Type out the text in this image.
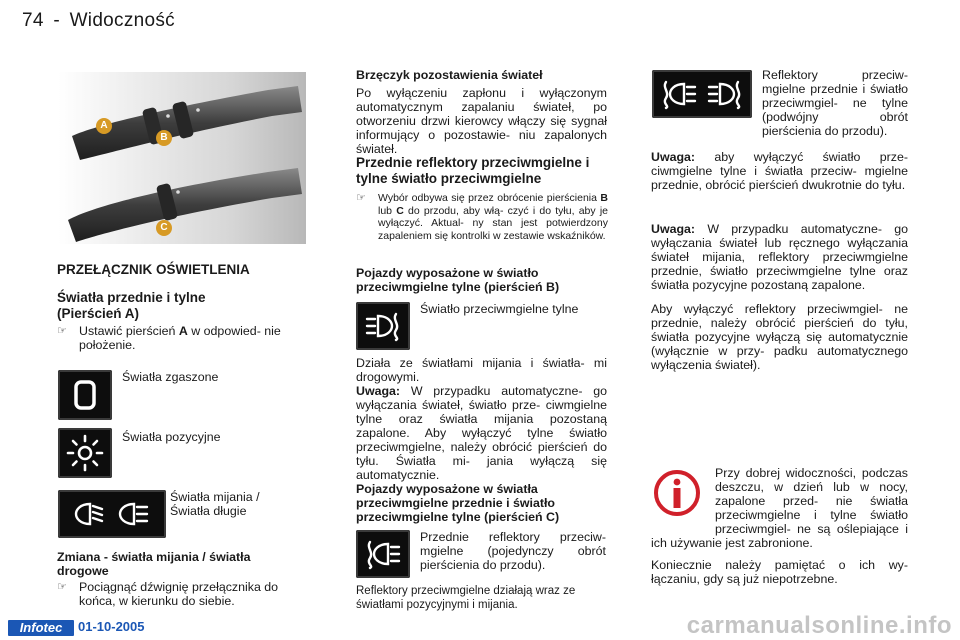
74 - Widoczność
A
B
C
PRZEŁĄCZNIK OŚWIETLENIA
Światła przednie i tylne (Pierścień A)
☞ Ustawić pierścień A w odpowied- nie położenie.
Światła zgaszone
Światła pozycyjne
Światła mijania /
Światła długie
Zmiana - światła mijania / światła drogowe
☞ Pociągnąć dźwignię przełącznika do końca, w kierunku do siebie.
Brzęczyk pozostawienia świateł
Po wyłączeniu zapłonu i wyłączonym automatycznym zapalaniu świateł, po otworzeniu drzwi kierowcy włączy się sygnał informujący o pozostawie- niu zapalonych świateł.
Przednie reflektory przeciwmgielne i tylne światło przeciwmgielne
☞ Wybór odbywa się przez obrócenie pierścienia B lub C do przodu, aby włą- czyć i do tyłu, aby je wyłączyć. Aktual- ny stan jest potwierdzony zapaleniem się kontrolki w zestawie wskaźników.
Pojazdy wyposażone w światło przeciwmgielne tylne (pierścień B)
Światło przeciwmgielne tylne
Działa ze światłami mijania i światła- mi drogowymi.
Uwaga: W przypadku automatyczne- go wyłączania świateł, światło prze- ciwmgielne tylne oraz światła mijania pozostaną zapalone. Aby wyłączyć tylne światło przeciwmgielne, należy obrócić pierścień do tyłu. Światła mi- jania wyłączą się automatycznie.
Pojazdy wyposażone w światła przeciwmgielne przednie i światło przeciwmgielne tylne (pierścień C)
Przednie reflektory przeciw- mgielne (pojedynczy obrót pierścienia do przodu).
Reflektory przeciwmgielne działają wraz ze światłami pozycyjnymi i mijania.
Reflektory przeciw- mgielne przednie i światło przeciwmgiel- ne tylne (podwójny obrót pierścienia do przodu).
Uwaga: aby wyłączyć światło prze- ciwmgielne tylne i światła przeciw- mgielne przednie, obrócić pierścień dwukrotnie do tyłu.
Uwaga: W przypadku automatyczne- go wyłączania świateł lub ręcznego wyłączania świateł mijania, reflektory przeciwmgielne przednie, światło przeciwmgielne tylne oraz światła pozycyjne pozostaną zapalone.
Aby wyłączyć reflektory przeciwmgiel- ne przednie, należy obrócić pierścień do tyłu, światła pozycyjne wyłączą się automatycznie (wyłącznie w przy- padku automatycznego wyłączenia świateł).
Przy dobrej widoczności, podczas deszczu, w dzień lub w nocy, zapalone przed- nie światła przeciwmgielne i tylne światło przeciwmgiel- ne są oślepiające i ich używanie jest zabronione.
Koniecznie należy pamiętać o ich wy- łączaniu, gdy są już niepotrzebne.
Infotec	01-10-2005	carmanualsonline.info
